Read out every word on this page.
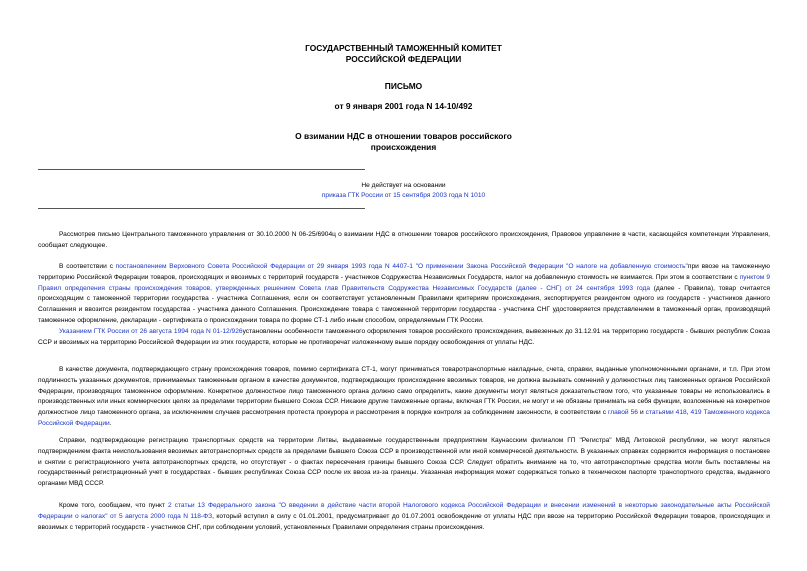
ГОСУДАРСТВЕННЫЙ ТАМОЖЕННЫЙ КОМИТЕТ
РОССИЙСКОЙ ФЕДЕРАЦИИ
ПИСЬМО
от 9 января 2001 года N 14-10/492
О взимании НДС в отношении товаров российского
происхождения
Не действует на основании
приказа ГТК России от 15 сентября 2003 года N 1010

Рассмотрев письмо Центрального таможенного управления от 30.10.2000 N 06-25/6904ц о взимании НДС в отношении товаров российского происхождения, Правовое управление в части, касающейся компетенции Управления, сообщает следующее.

В соответствии с постановлением Верховного Совета Российской Федерации от 29 января 1993 года N 4407-1 "О применении Закона Российской Федерации "О налоге на добавленную стоимость"при ввозе на таможенную территорию Российской Федерации товаров, происходящих и ввозимых с территорий государств - участников Содружества Независимых Государств, налог на добавленную стоимость не взимается. При этом в соответствии с пунктом 9 Правил определения страны происхождения товаров, утвержденных решением Совета глав Правительств Содружества Независимых Государств (далее - СНГ) от 24 сентября 1993 года (далее - Правила), товар считается происходящим с таможенной территории государства - участника Соглашения, если он соответствует установленным Правилами критериям происхождения, экспортируется резидентом одного из государств - участников данного Соглашения и ввозится резидентом государства - участника данного Соглашения. Происхождение товара с таможенной территории государства - участника СНГ удостоверяется представлением в таможенный орган, производящий таможенное оформление, декларации - сертификата о происхождении товара по форме СТ-1 либо иным способом, определяемым ГТК России.

Указанием ГТК России от 26 августа 1994 года N 01-12/926установлены особенности таможенного оформления товаров российского происхождения, вывезенных до 31.12.91 на территорию государств - бывших республик Союза ССР и ввозимых на территорию Российской Федерации из этих государств, которые не противоречат изложенному выше порядку освобождения от уплаты НДС.

В качестве документа, подтверждающего страну происхождения товаров, помимо сертификата СТ-1, могут приниматься товаротранспортные накладные, счета, справки, выданные уполномоченными органами, и т.п. При этом подлинность указанных документов, принимаемых таможенным органом в качестве документов, подтверждающих происхождение ввозимых товаров, не должна вызывать сомнений у должностных лиц таможенных органов Российской Федерации, производящих таможенное оформление. Конкретное должностное лицо таможенного органа должно само определить, какие документы могут являться доказательством того, что указанные товары не использовались в производственных или иных коммерческих целях за пределами территории бывшего Союза ССР. Никакие другие таможенные органы, включая ГТК России, не могут и не обязаны принимать на себя функции, возложенные на конкретное должностное лицо таможенного органа, за исключением случаев рассмотрения протеста прокурора и рассмотрения в порядке контроля за соблюдением законности, в соответствии с главой 56 и статьями 418, 419 Таможенного кодекса Российской Федерации.

Справки, подтверждающие регистрацию транспортных средств на территории Литвы, выдаваемые государственным предприятием Каунасским филиалом ГП "Регистра" МВД Литовской республики, не могут являться подтверждением факта неиспользования ввозимых автотранспортных средств за пределами бывшего Союза ССР в производственной или иной коммерческой деятельности. В указанных справках содержится информация о постановке и снятии с регистрационного учета автотранспортных средств, но отсутствует - о фактах пересечения границы бывшего Союза ССР. Следует обратить внимание на то, что автотранспортные средства могли быть поставлены на государственный регистрационный учет в государствах - бывших республиках Союза ССР после их ввоза из-за границы. Указанная информация может содержаться только в техническом паспорте транспортного средства, выданного органами МВД СССР.

Кроме того, сообщаем, что пункт 2 статьи 13 Федерального закона "О введении в действие части второй Налогового кодекса Российской Федерации и внесении изменений в некоторые законодательные акты Российской Федерации о налогах" от 5 августа 2000 года N 118-ФЗ, который вступил в силу с 01.01.2001, предусматривает до 01.07.2001 освобождение от уплаты НДС при ввозе на территорию Российской Федерации товаров, происходящих и ввозимых с территорий государств - участников СНГ, при соблюдении условий, установленных Правилами определения страны происхождения.
